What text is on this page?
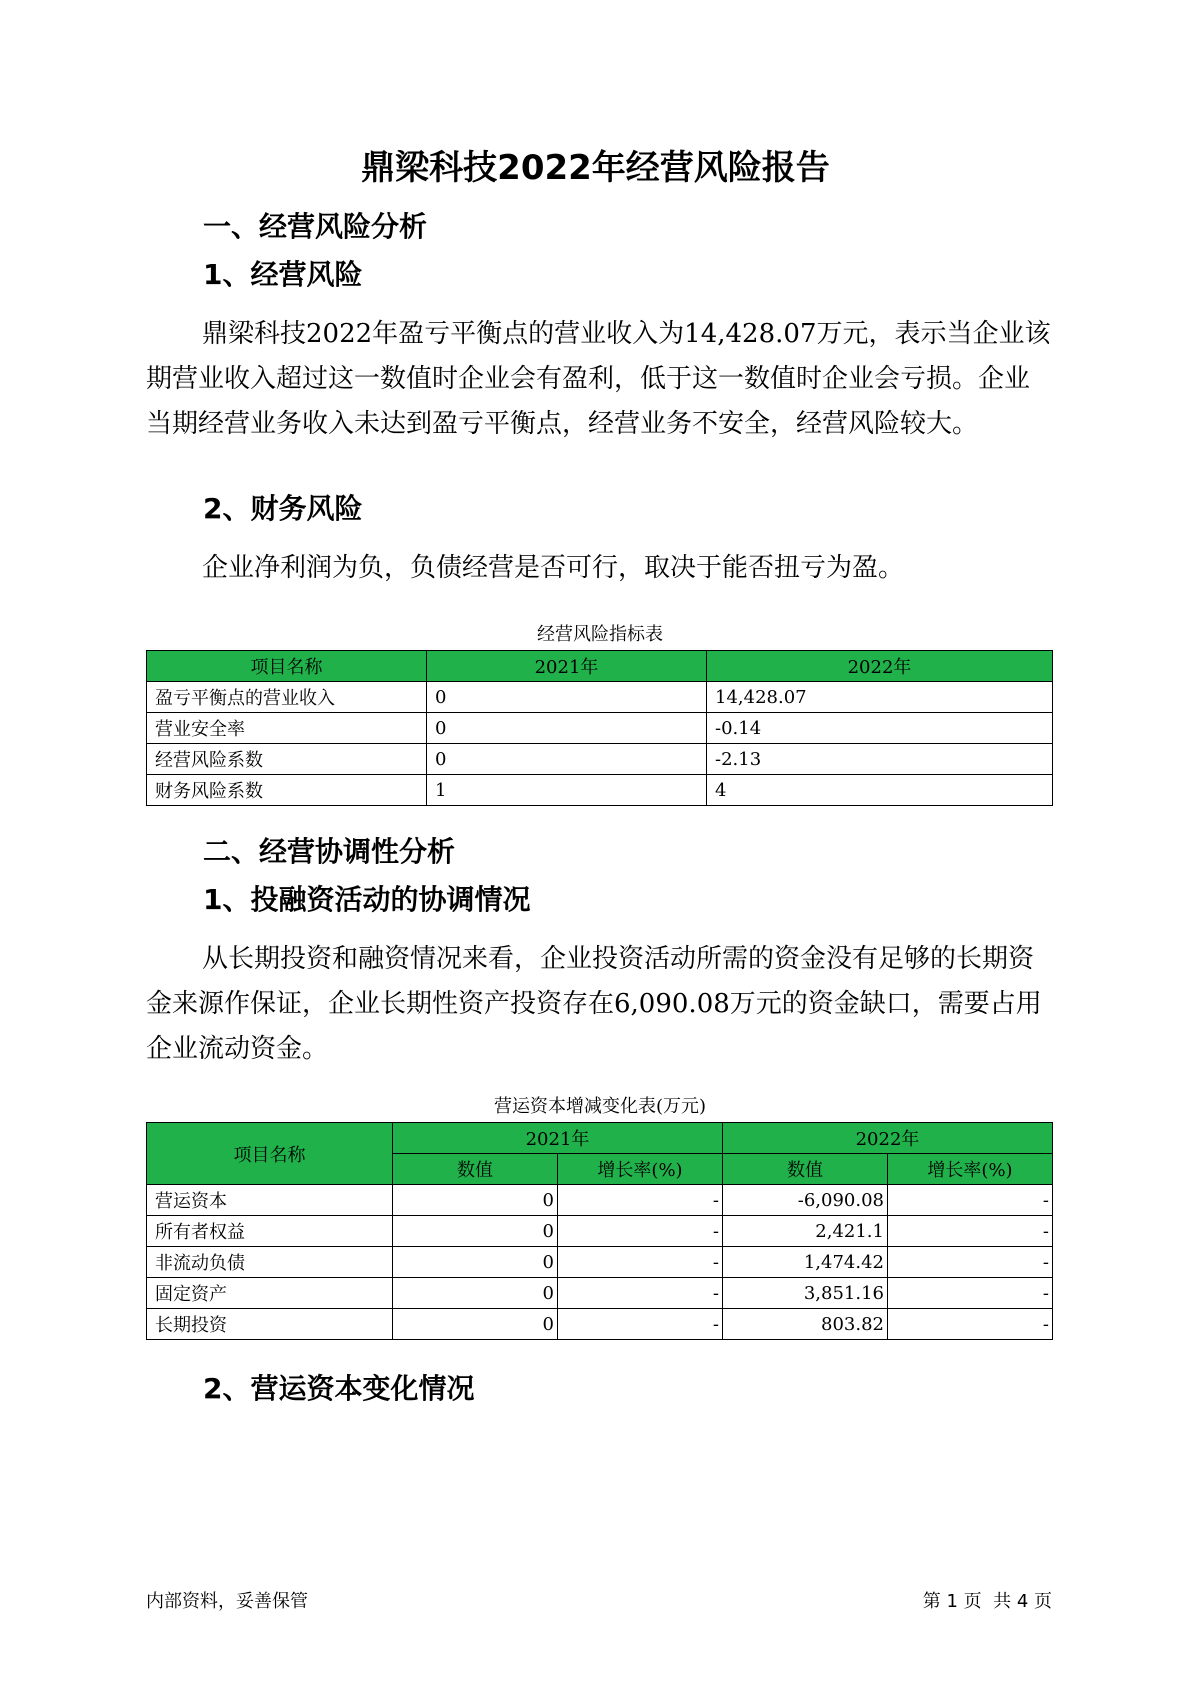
鼎梁科技2022年经营风险报告
一、经营风险分析
1、经营风险

鼎梁科技2022年盈亏平衡点的营业收入为14,428.07万元，表示当企业该期营业收入超过这一数值时企业会有盈利，低于这一数值时企业会亏损。企业当期经营业务收入未达到盈亏平衡点，经营业务不安全，经营风险较大。

2、财务风险

企业净利润为负，负债经营是否可行，取决于能否扭亏为盈。

经营风险指标表
项目名称	2021年	2022年
盈亏平衡点的营业收入	0	14,428.07
营业安全率	0	-0.14
经营风险系数	0	-2.13
财务风险系数	1	4
二、经营协调性分析
1、投融资活动的协调情况

从长期投资和融资情况来看，企业投资活动所需的资金没有足够的长期资金来源作保证，企业长期性资产投资存在6,090.08万元的资金缺口，需要占用企业流动资金。

营运资本增减变化表(万元)
项目名称	2021年		2022年	
	数值	增长率(%)	数值	增长率(%)
营运资本	0	-	-6,090.08	-
所有者权益	0	-	2,421.1	-
非流动负债	0	-	1,474.42	-
固定资产	0	-	3,851.16	-
长期投资	0	-	803.82	-
2、营运资本变化情况
内部资料，妥善保管	第 1 页  共 4 页
